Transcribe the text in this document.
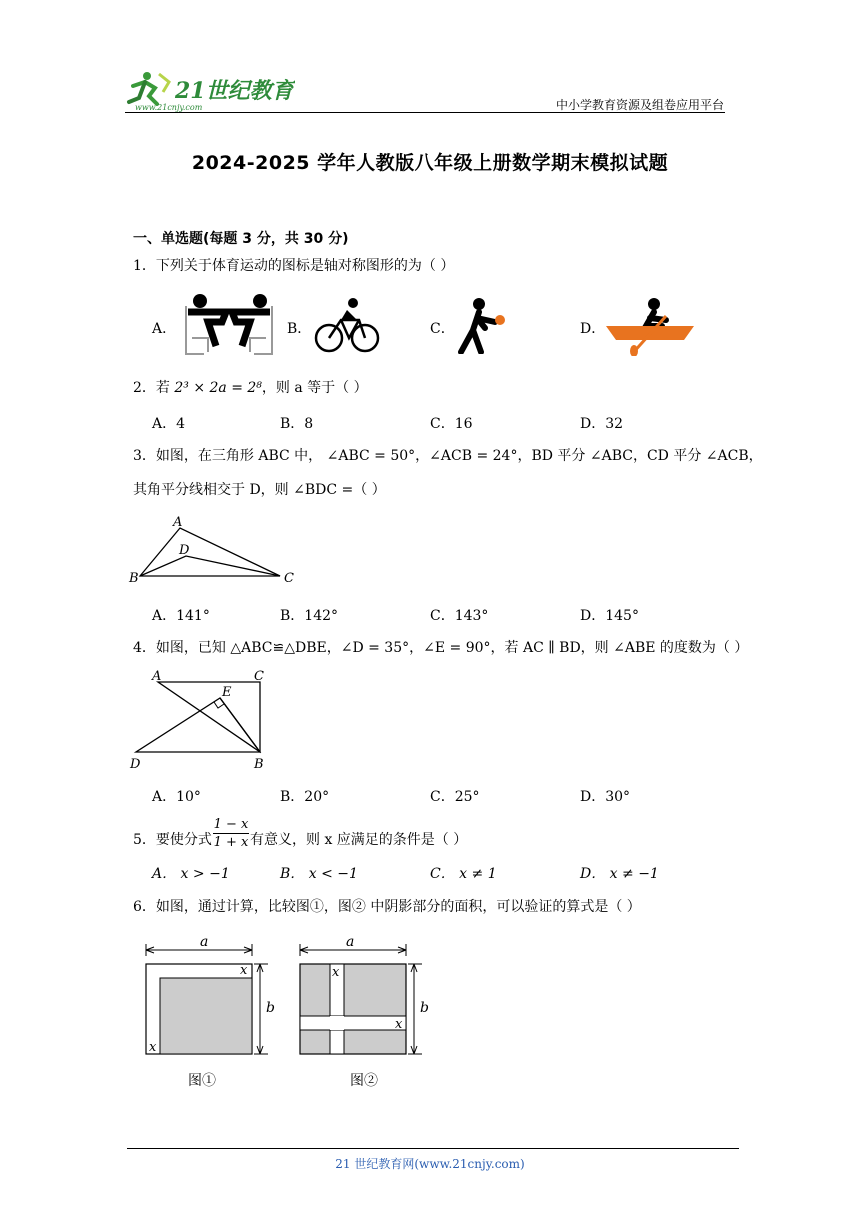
21世纪教育
www.21cnjy.com	中小学教育资源及组卷应用平台
2024-2025 学年人教版八年级上册数学期末模拟试题
一、单选题(每题 3 分，共 30 分)
1．下列关于体育运动的图标是轴对称图形的为（ ）
A．	B．	C．	D．
2．若 2³ × 2a = 2⁸，则 a 等于（ ）
A．4	B．8	C．16	D．32
3．如图，在三角形 ABC 中， ∠ABC = 50°，∠ACB = 24°，BD 平分 ∠ABC，CD 平分 ∠ACB，
其角平分线相交于 D，则 ∠BDC =（ ）
A
D
B	C
A．141°	B．142°	C．143°	D．145°
4．如图，已知 △ABC≌△DBE，∠D = 35°，∠E = 90°，若 AC ∥ BD，则 ∠ABE 的度数为（ ）
A	C
E
D	B
A．10°	B．20°	C．25°	D．30°
5．要使分式 $\frac{1 - x}{1 + x}$ 有意义，则 x 应满足的条件是（ ）
A． x > −1	B． x < −1	C． x ≠ 1	D． x ≠ −1
6．如图，通过计算，比较图①，图② 中阴影部分的面积，可以验证的算式是（ ）
a
b
x
x
图①
a
b
x
x
图②
21 世纪教育网(www.21cnjy.com)
